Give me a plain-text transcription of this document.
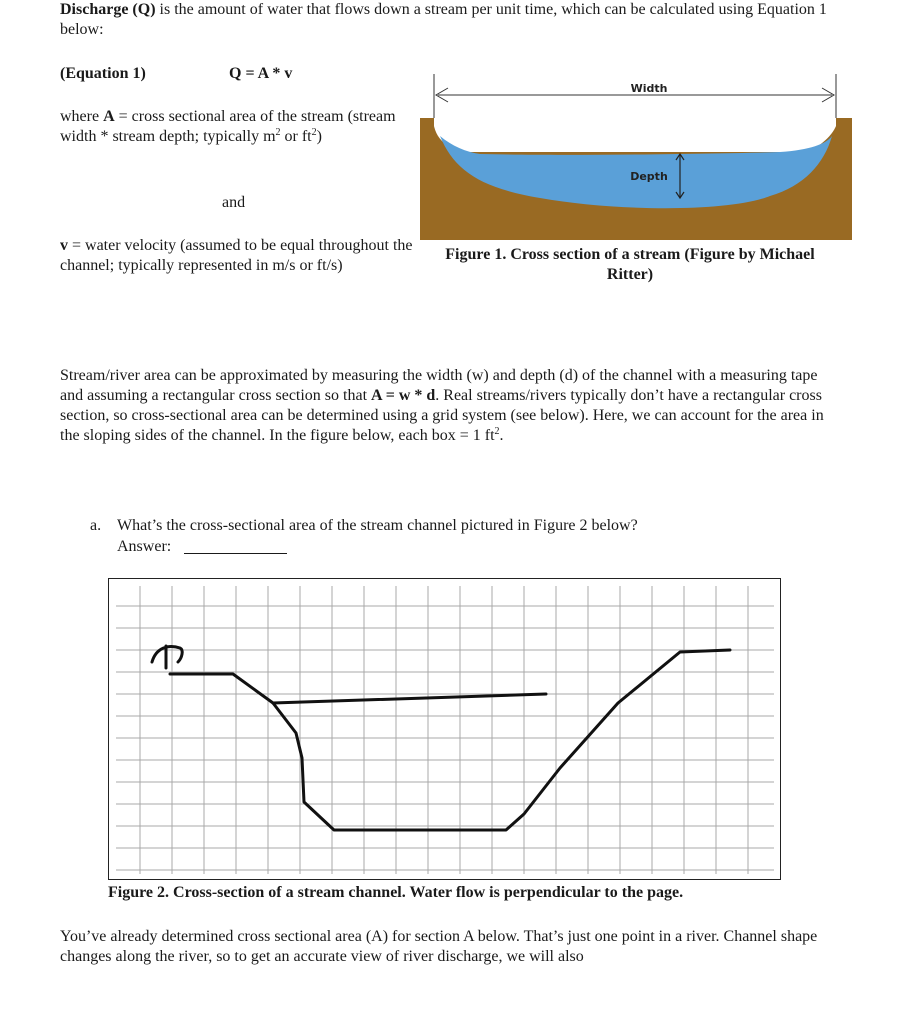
Discharge (Q) is the amount of water that flows down a stream per unit time, which can be calculated using Equation 1 below:
(Equation 1)	Q = A * v
where A = cross sectional area of the stream (stream width * stream depth; typically $m^2$ or $ft^2$)
and
v = water velocity (assumed to be equal throughout the channel; typically represented in m/s or ft/s)
Width
Depth
Figure 1. Cross section of a stream (Figure by Michael Ritter)
Stream/river area can be approximated by measuring the width (w) and depth (d) of the channel with a measuring tape and assuming a rectangular cross section so that A = w * d. Real streams/rivers typically don’t have a rectangular cross section, so cross-sectional area can be determined using a grid system (see below). Here, we can account for the area in the sloping sides of the channel. In the figure below, each box = 1 $ft^2$.
a. What’s the cross-sectional area of the stream channel pictured in Figure 2 below?
Answer:
Figure 2. Cross-section of a stream channel. Water flow is perpendicular to the page.
You’ve already determined cross sectional area (A) for section A below. That’s just one point in a river. Channel shape changes along the river, so to get an accurate view of river discharge, we will also
